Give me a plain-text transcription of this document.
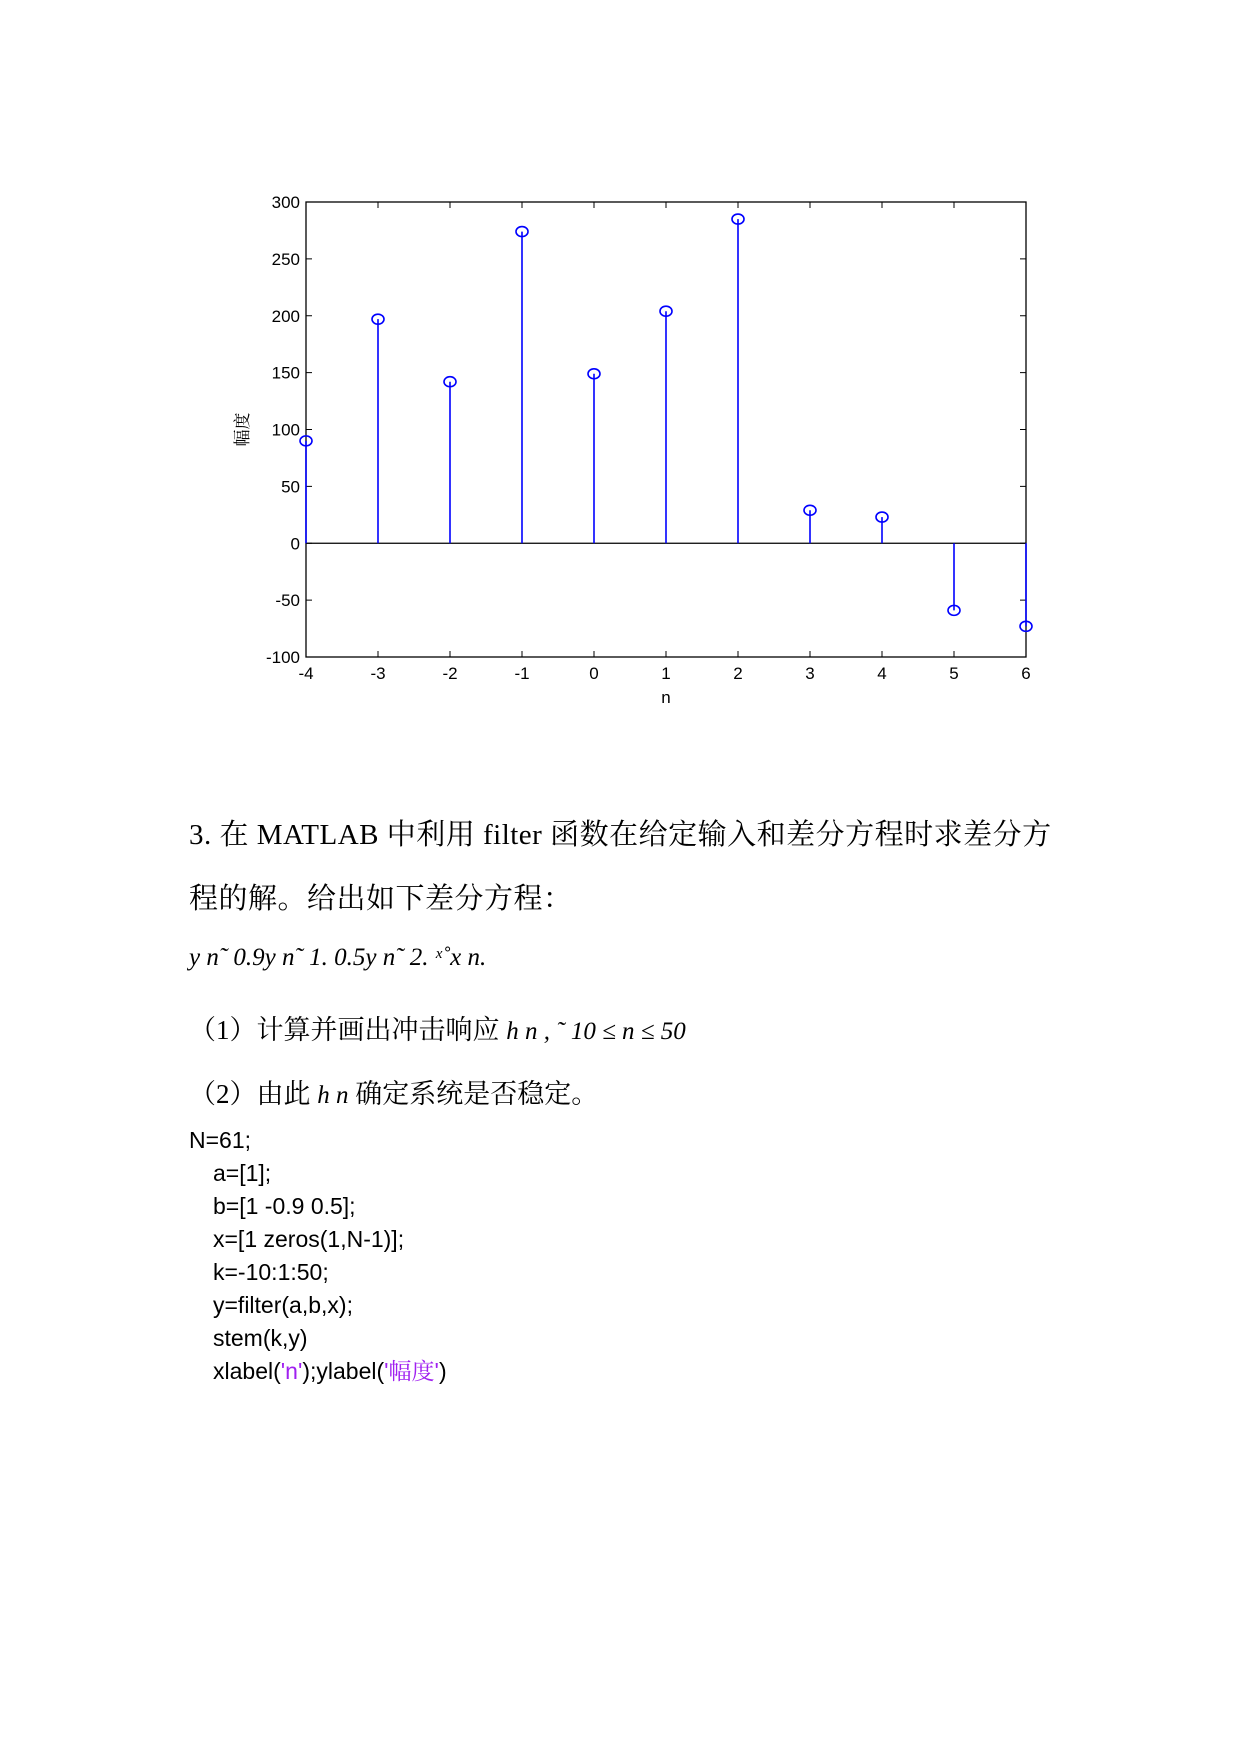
-100
-50
0
50
100
150
200
250
300
-4	-3	-2	-1	0	1	2	3	4	5	6
n
幅度
3. 在 MATLAB 中利用 filter 函数在给定输入和差分方程时求差分方
程的解。给出如下差分方程：
y n˜ 0.9y n˜ 1. 0.5y n˜ 2. ˣ˚x n.
（1）计算并画出冲击响应 h n , ˜ 10 ≤ n ≤ 50
（2）由此 h n 确定系统是否稳定。
N=61;
a=[1];
b=[1 -0.9 0.5];
x=[1 zeros(1,N-1)];
k=-10:1:50;
y=filter(a,b,x);
stem(k,y)
xlabel('n');ylabel('幅度')
